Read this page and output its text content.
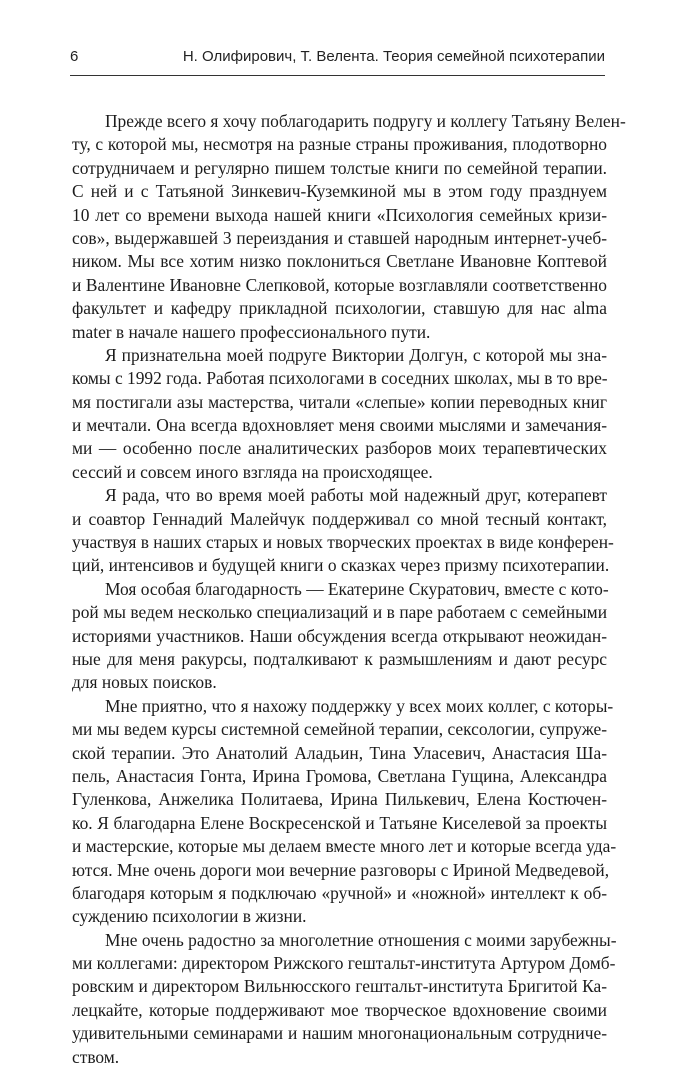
6	Н. Олифирович, Т. Велента. Теория семейной психотерапии
Прежде всего я хочу поблагодарить подругу и коллегу Татьяну Велен-
ту, с которой мы, несмотря на разные страны проживания, плодотворно
сотрудничаем и регулярно пишем толстые книги по семейной терапии.
С ней и с Татьяной Зинкевич-Куземкиной мы в этом году празднуем
10 лет со времени выхода нашей книги «Психология семейных кризи-
сов», выдержавшей 3 переиздания и ставшей народным интернет-учеб-
ником. Мы все хотим низко поклониться Светлане Ивановне Коптевой
и Валентине Ивановне Слепковой, которые возглавляли соответственно
факультет и кафедру прикладной психологии, ставшую для нас alma
mater в начале нашего профессионального пути.
Я признательна моей подруге Виктории Долгун, с которой мы зна-
комы с 1992 года. Работая психологами в соседних школах, мы в то вре-
мя постигали азы мастерства, читали «слепые» копии переводных книг
и мечтали. Она всегда вдохновляет меня своими мыслями и замечания-
ми — особенно после аналитических разборов моих терапевтических
сессий и совсем иного взгляда на происходящее.
Я рада, что во время моей работы мой надежный друг, котерапевт
и соавтор Геннадий Малейчук поддерживал со мной тесный контакт,
участвуя в наших старых и новых творческих проектах в виде конферен-
ций, интенсивов и будущей книги о сказках через призму психотерапии.
Моя особая благодарность — Екатерине Скуратович, вместе с кото-
рой мы ведем несколько специализаций и в паре работаем с семейными
историями участников. Наши обсуждения всегда открывают неожидан-
ные для меня ракурсы, подталкивают к размышлениям и дают ресурс
для новых поисков.
Мне приятно, что я нахожу поддержку у всех моих коллег, с которы-
ми мы ведем курсы системной семейной терапии, сексологии, супруже-
ской терапии. Это Анатолий Аладьин, Тина Уласевич, Анастасия Ша-
пель, Анастасия Гонта, Ирина Громова, Светлана Гущина, Александра
Гуленкова, Анжелика Политаева, Ирина Пилькевич, Елена Костючен-
ко. Я благодарна Елене Воскресенской и Татьяне Киселевой за проекты
и мастерские, которые мы делаем вместе много лет и которые всегда уда-
ются. Мне очень дороги мои вечерние разговоры с Ириной Медведевой,
благодаря которым я подключаю «ручной» и «ножной» интеллект к об-
суждению психологии в жизни.
Мне очень радостно за многолетние отношения с моими зарубежны-
ми коллегами: директором Рижского гештальт-института Артуром Домб-
ровским и директором Вильнюсского гештальт-института Бригитой Ка-
лецкайте, которые поддерживают мое творческое вдохновение своими
удивительными семинарами и нашим многонациональным сотрудниче-
ством.
